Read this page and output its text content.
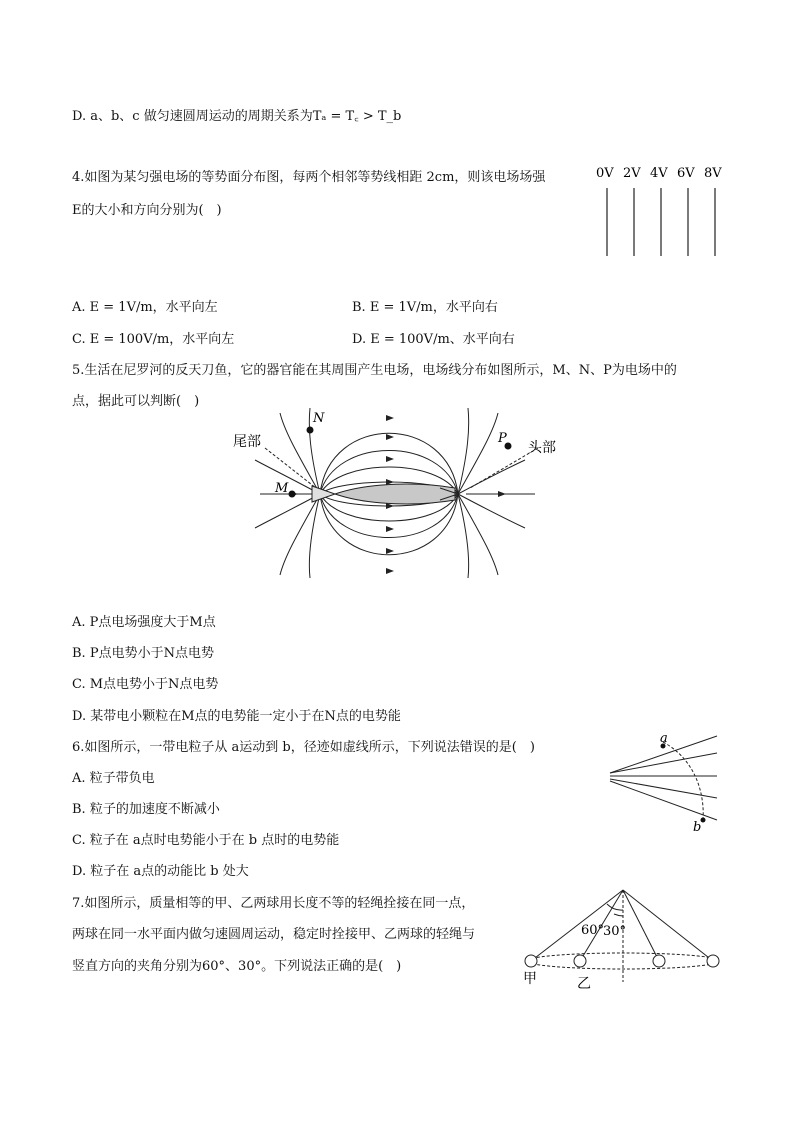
D. a、b、c 做匀速圆周运动的周期关系为Tₐ = T꜀ > T_b
4.如图为某匀强电场的等势面分布图，每两个相邻等势线相距 2cm，则该电场场强
E的大小和方向分别为(　)
0V 2V 4V 6V 8V
A. E = 1V/m，水平向左	B. E = 1V/m，水平向右
C. E = 100V/m，水平向左	D. E = 100V/m、水平向右
5.生活在尼罗河的反天刀鱼，它的器官能在其周围产生电场，电场线分布如图所示，M、N、P为电场中的
点，据此可以判断(　)
尾部	头部
M
N
P
A. P点电场强度大于M点
B. P点电势小于N点电势
C. M点电势小于N点电势
D. 某带电小颗粒在M点的电势能一定小于在N点的电势能
6.如图所示，一带电粒子从 a运动到 b，径迹如虚线所示，下列说法错误的是(　)
a
b
A. 粒子带负电
B. 粒子的加速度不断减小
C. 粒子在 a点时电势能小于在 b 点时的电势能
D. 粒子在 a点的动能比 b 处大
7.如图所示，质量相等的甲、乙两球用长度不等的轻绳拴接在同一点，
两球在同一水平面内做匀速圆周运动，稳定时拴接甲、乙两球的轻绳与
竖直方向的夹角分别为60°、30°。下列说法正确的是(　)
60°
30°
甲	乙
